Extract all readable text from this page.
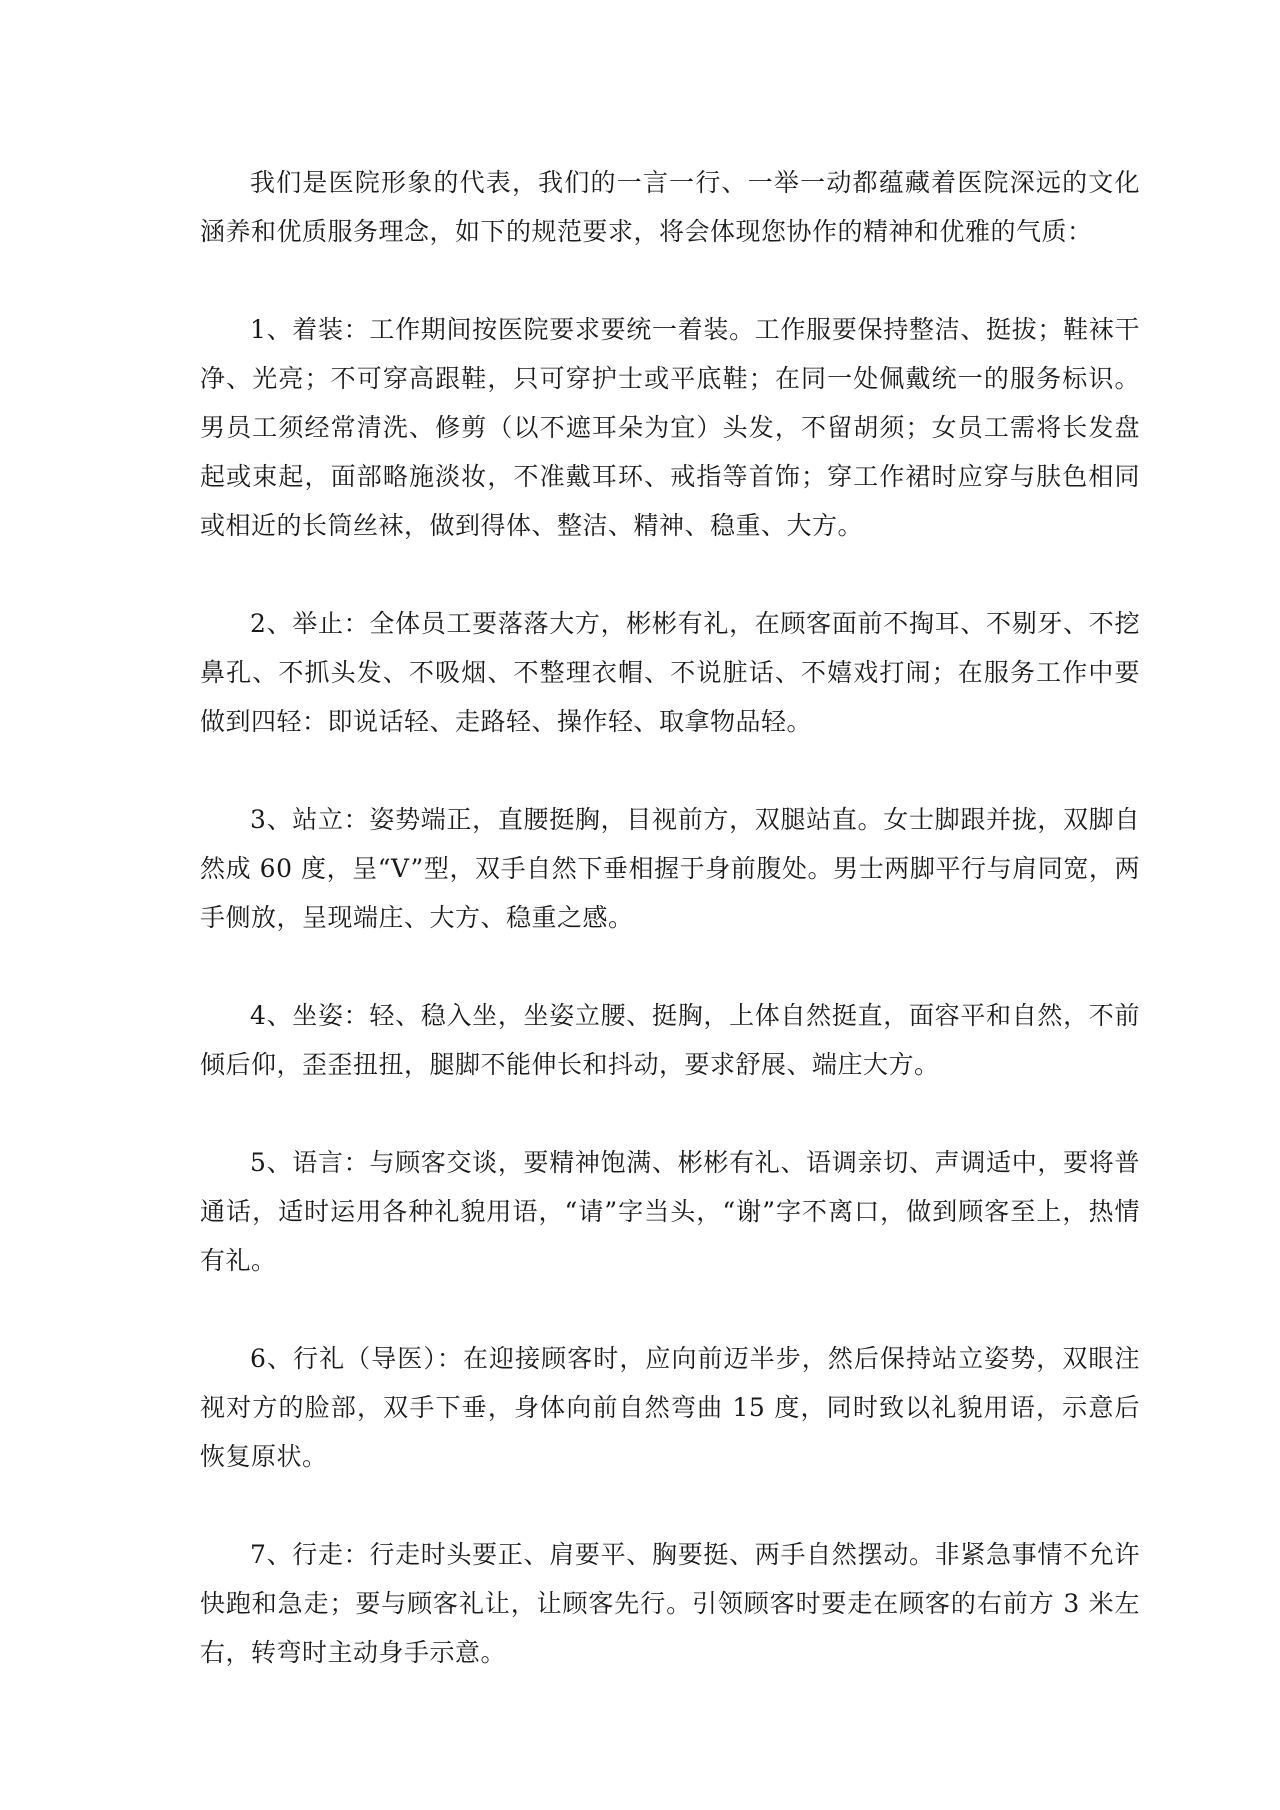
我们是医院形象的代表，我们的一言一行、一举一动都蕴藏着医院深远的文化涵养和优质服务理念，如下的规范要求，将会体现您协作的精神和优雅的气质：

1、着装：工作期间按医院要求要统一着装。工作服要保持整洁、挺拔；鞋袜干净、光亮；不可穿高跟鞋，只可穿护士或平底鞋；在同一处佩戴统一的服务标识。男员工须经常清洗、修剪（以不遮耳朵为宜）头发，不留胡须；女员工需将长发盘起或束起，面部略施淡妆，不准戴耳环、戒指等首饰；穿工作裙时应穿与肤色相同或相近的长筒丝袜，做到得体、整洁、精神、稳重、大方。

2、举止：全体员工要落落大方，彬彬有礼，在顾客面前不掏耳、不剔牙、不挖鼻孔、不抓头发、不吸烟、不整理衣帽、不说脏话、不嬉戏打闹；在服务工作中要做到四轻：即说话轻、走路轻、操作轻、取拿物品轻。

3、站立：姿势端正，直腰挺胸，目视前方，双腿站直。女士脚跟并拢，双脚自然成 60 度，呈“V”型，双手自然下垂相握于身前腹处。男士两脚平行与肩同宽，两手侧放，呈现端庄、大方、稳重之感。

4、坐姿：轻、稳入坐，坐姿立腰、挺胸，上体自然挺直，面容平和自然，不前倾后仰，歪歪扭扭，腿脚不能伸长和抖动，要求舒展、端庄大方。

5、语言：与顾客交谈，要精神饱满、彬彬有礼、语调亲切、声调适中，要将普通话，适时运用各种礼貌用语，“请”字当头，“谢”字不离口，做到顾客至上，热情有礼。

6、行礼（导医）：在迎接顾客时，应向前迈半步，然后保持站立姿势，双眼注视对方的脸部，双手下垂，身体向前自然弯曲 15 度，同时致以礼貌用语，示意后恢复原状。

7、行走：行走时头要正、肩要平、胸要挺、两手自然摆动。非紧急事情不允许快跑和急走；要与顾客礼让，让顾客先行。引领顾客时要走在顾客的右前方 3 米左右，转弯时主动身手示意。
